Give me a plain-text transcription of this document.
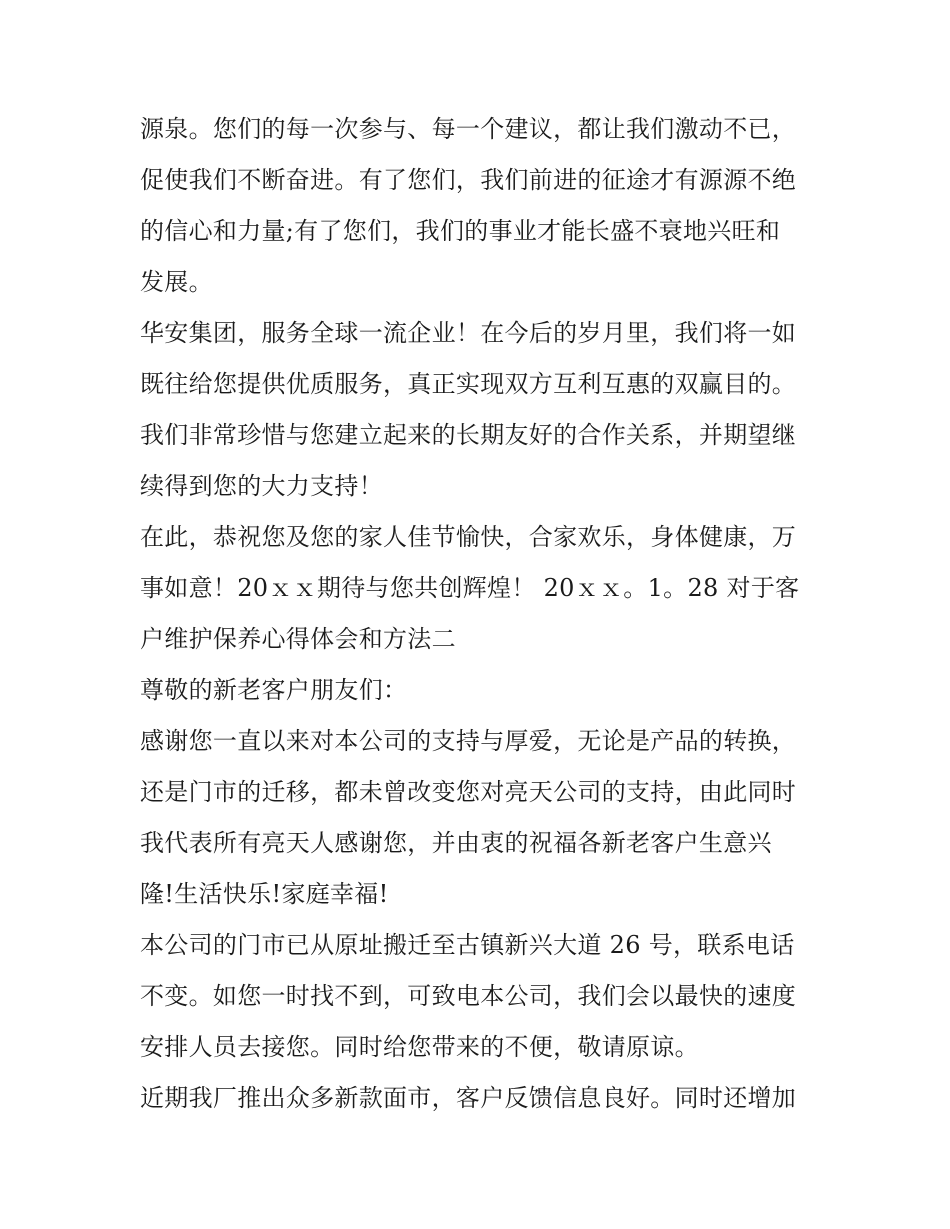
源泉。您们的每一次参与、每一个建议，都让我们激动不已，
促使我们不断奋进。有了您们，我们前进的征途才有源源不绝
的信心和力量;有了您们，我们的事业才能长盛不衰地兴旺和
发展。
华安集团，服务全球一流企业！在今后的岁月里，我们将一如
既往给您提供优质服务，真正实现双方互利互惠的双赢目的。
我们非常珍惜与您建立起来的长期友好的合作关系，并期望继
续得到您的大力支持！
在此，恭祝您及您的家人佳节愉快，合家欢乐，身体健康，万
事如意！20ｘｘ期待与您共创辉煌！ 20ｘｘ。1。28 对于客
户维护保养心得体会和方法二
尊敬的新老客户朋友们：
感谢您一直以来对本公司的支持与厚爱，无论是产品的转换，
还是门市的迁移，都未曾改变您对亮天公司的支持，由此同时
我代表所有亮天人感谢您，并由衷的祝福各新老客户生意兴
隆!生活快乐!家庭幸福!
本公司的门市已从原址搬迁至古镇新兴大道 26 号，联系电话
不变。如您一时找不到，可致电本公司，我们会以最快的速度
安排人员去接您。同时给您带来的不便，敬请原谅。
近期我厂推出众多新款面市，客户反馈信息良好。同时还增加
